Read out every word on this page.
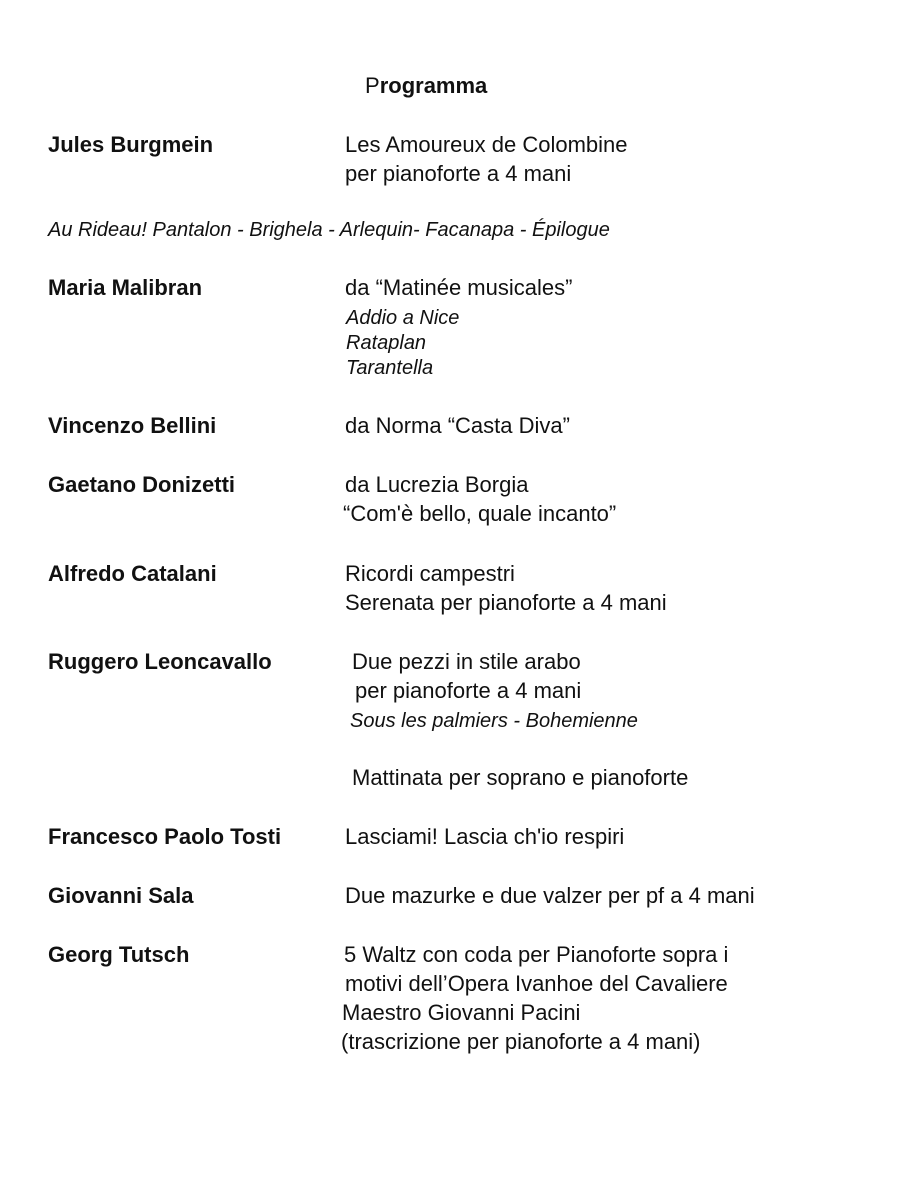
Programma
Jules Burgmein	Les Amoureux de Colombine
per pianoforte a 4 mani
Au Rideau! Pantalon - Brighela - Arlequin- Facanapa - Épilogue
Maria Malibran	da “Matinée musicales”
Addio a Nice
Rataplan
Tarantella
Vincenzo Bellini	da Norma “Casta Diva”
Gaetano Donizetti	da Lucrezia Borgia
“Com'è bello, quale incanto”
Alfredo Catalani	Ricordi campestri
Serenata per pianoforte a 4 mani
Ruggero Leoncavallo	Due pezzi in stile arabo
per pianoforte a 4 mani
Sous les palmiers - Bohemienne
Mattinata per soprano e pianoforte
Francesco Paolo Tosti	Lasciami! Lascia ch'io respiri
Giovanni Sala	Due mazurke e due valzer per pf a 4 mani
Georg Tutsch	5 Waltz con coda per Pianoforte sopra i
motivi dell’Opera Ivanhoe del Cavaliere
Maestro Giovanni Pacini
(trascrizione per pianoforte a 4 mani)
